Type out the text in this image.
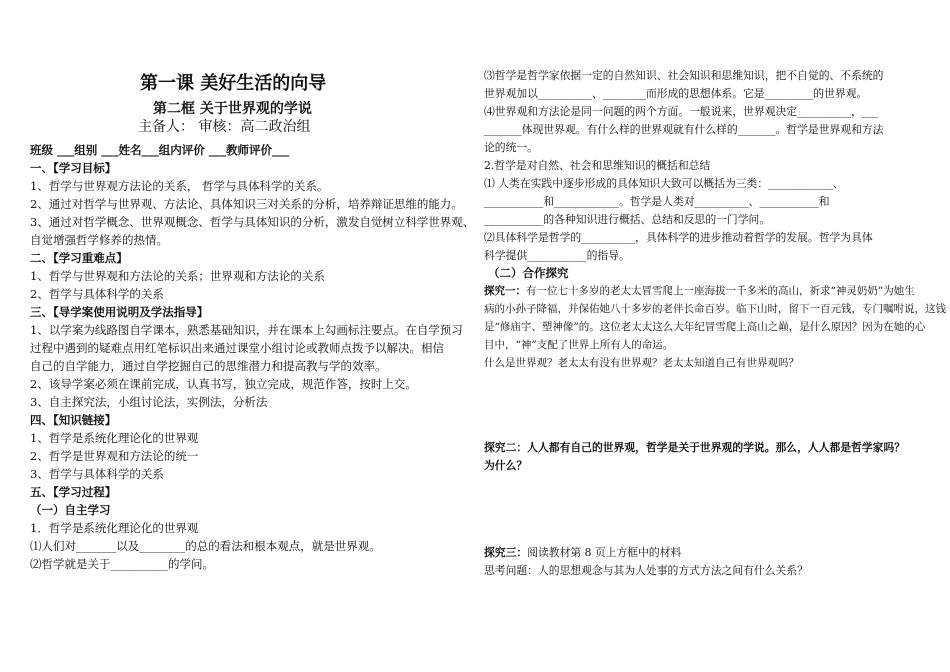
第一课 美好生活的向导
第二框 关于世界观的学说
主备人： 审核：高二政治组
班级 ___组别 ___姓名___组内评价 ___教师评价___
一、【学习目标】
1、哲学与世界观方法论的关系， 哲学与具体科学的关系。
2、通过对哲学与世界观、方法论、具体知识三对关系的分析，培养辩证思维的能力。
3、通过对哲学概念、世界观概念、哲学与具体知识的分析，激发自觉树立科学世界观、
自觉增强哲学修养的热情。
二、【学习重难点】
1、哲学与世界观和方法论的关系；世界观和方法论的关系
2、哲学与具体科学的关系
三、【导学案使用说明及学法指导】
1、以学案为线路图自学课本，熟悉基础知识，并在课本上勾画标注要点。在自学预习
过程中遇到的疑难点用红笔标识出来通过课堂小组讨论或教师点拨予以解决。相信
自己的自学能力，通过自学挖掘自己的思维潜力和提高教与学的效率。
2、该导学案必须在课前完成，认真书写，独立完成，规范作答，按时上交。
3、自主探究法，小组讨论法，实例法，分析法
四、【知识链接】
1、哲学是系统化理论化的世界观
2、哲学是世界观和方法论的统一
3、哲学与具体科学的关系
五、【学习过程】
（一）自主学习
1．哲学是系统化理论化的世界观
⑴人们对_______以及________的总的看法和根本观点，就是世界观。
⑵哲学就是关于__________的学问。
⑶哲学是哲学家依据一定的自然知识、社会知识和思维知识，把不自觉的、不系统的
世界观加以__________、________而形成的思想体系。它是_________的世界观。
⑷世界观和方法论是同一问题的两个方面。一般说来，世界观决定__________，___
_______体现世界观。有什么样的世界观就有什么样的_______。哲学是世界观和方法
论的统一。
2.哲学是对自然、社会和思维知识的概括和总结
⑴ 人类在实践中逐步形成的具体知识大致可以概括为三类：____________、
___________和____________。哲学是人类对__________、___________和
___________的各种知识进行概括、总结和反思的一门学问。
⑵具体科学是哲学的__________，具体科学的进步推动着哲学的发展。哲学为具体
科学提供___________的指导。
（二）合作探究
探究一：有一位七十多岁的老太太冒雪爬上一座海拔一千多米的高山，祈求“神灵奶奶”为她生
病的小孙子降福，并保佑她八十多岁的老伴长命百岁。临下山时，留下一百元钱，专门嘱咐说，这钱
是“修庙宇、塑神像”的。这位老太太这么大年纪冒雪爬上高山之巅，是什么原因？因为在她的心
目中，“神”支配了世界上所有人的命运。
什么是世界观？老太太有没有世界观？老太太知道自己有世界观吗？
探究二：人人都有自己的世界观，哲学是关于世界观的学说。那么，人人都是哲学家吗？
为什么？
探究三：阅读教材第 8 页上方框中的材料
思考问题：人的思想观念与其为人处事的方式方法之间有什么关系？
